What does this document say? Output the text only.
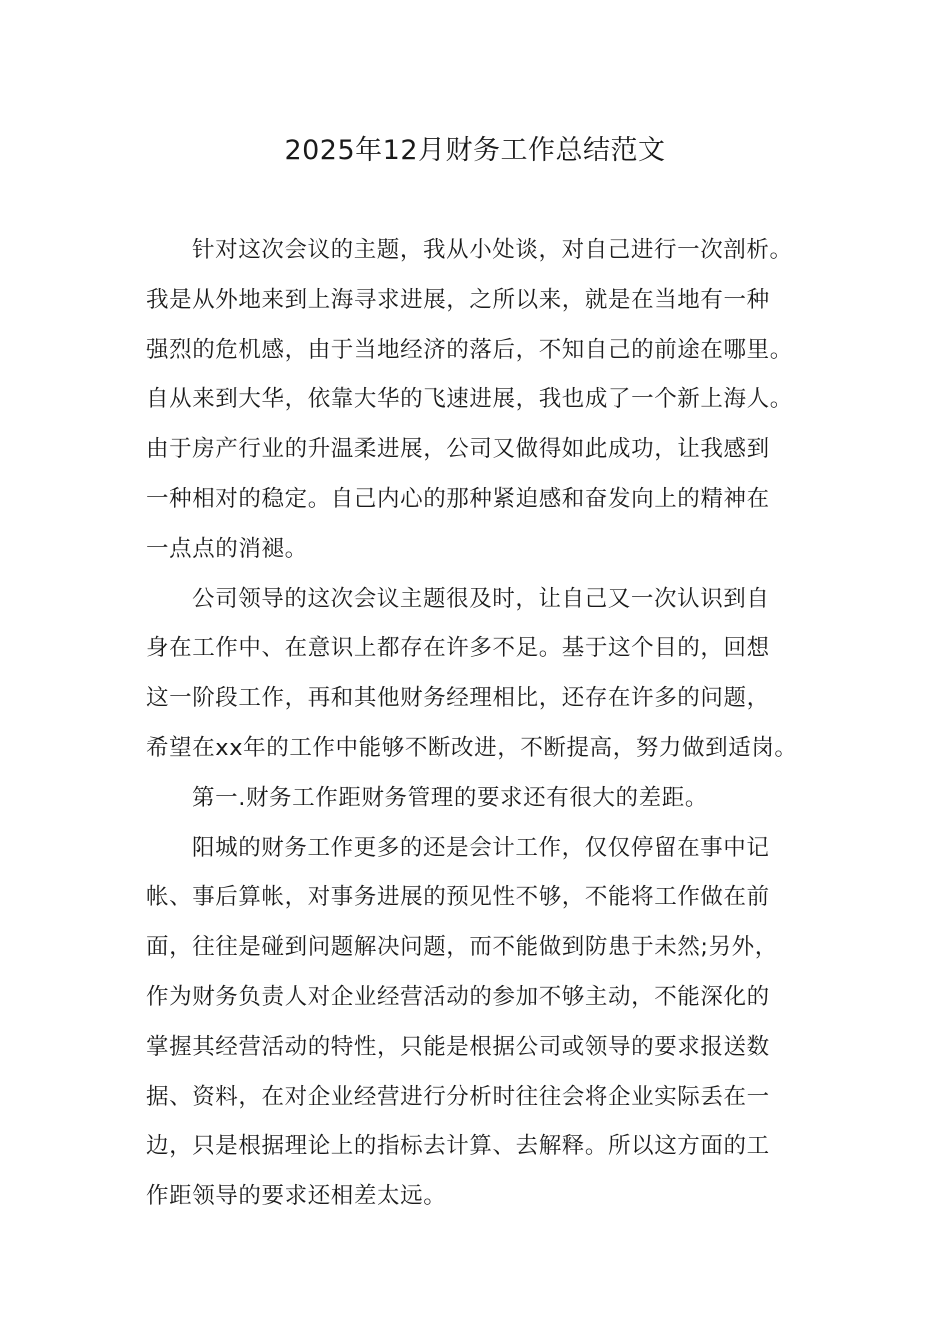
2025年12月财务工作总结范文
针对这次会议的主题，我从小处谈，对自己进行一次剖析。
我是从外地来到上海寻求进展，之所以来，就是在当地有一种
强烈的危机感，由于当地经济的落后，不知自己的前途在哪里。
自从来到大华，依靠大华的飞速进展，我也成了一个新上海人。
由于房产行业的升温柔进展，公司又做得如此成功，让我感到
一种相对的稳定。自己内心的那种紧迫感和奋发向上的精神在
一点点的消褪。
公司领导的这次会议主题很及时，让自己又一次认识到自
身在工作中、在意识上都存在许多不足。基于这个目的，回想
这一阶段工作，再和其他财务经理相比，还存在许多的问题，
希望在xx年的工作中能够不断改进，不断提高，努力做到适岗。
第一.财务工作距财务管理的要求还有很大的差距。
阳城的财务工作更多的还是会计工作，仅仅停留在事中记
帐、事后算帐，对事务进展的预见性不够，不能将工作做在前
面，往往是碰到问题解决问题，而不能做到防患于未然;另外，
作为财务负责人对企业经营活动的参加不够主动，不能深化的
掌握其经营活动的特性，只能是根据公司或领导的要求报送数
据、资料，在对企业经营进行分析时往往会将企业实际丢在一
边，只是根据理论上的指标去计算、去解释。所以这方面的工
作距领导的要求还相差太远。
